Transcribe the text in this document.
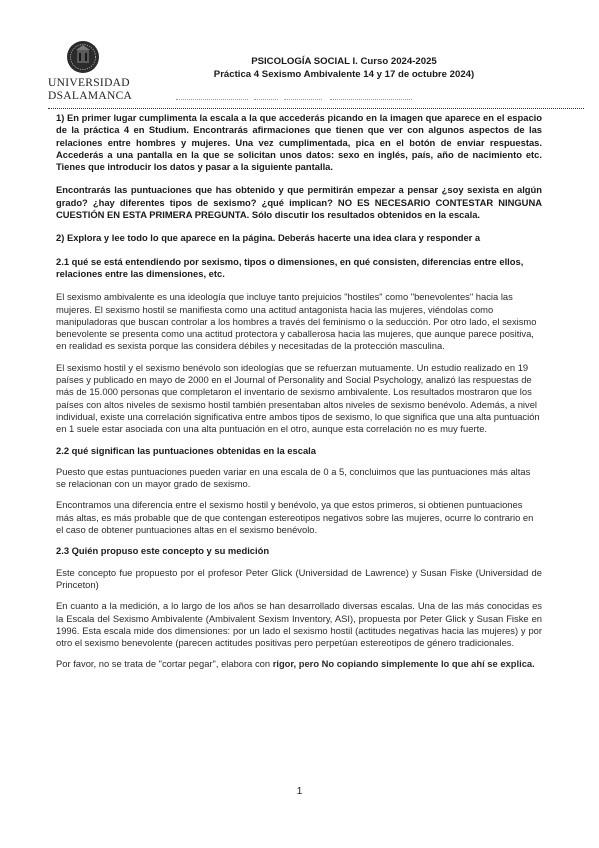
UNIVERSIDAD
DSALAMANCA
PSICOLOGÍA SOCIAL I. Curso 2024-2025
Práctica 4 Sexismo Ambivalente 14 y 17 de octubre 2024)

1) En primer lugar cumplimenta la escala a la que accederás picando en la imagen que aparece en el espacio de la práctica 4 en Studium. Encontrarás afirmaciones que tienen que ver con algunos aspectos de las relaciones entre hombres y mujeres. Una vez cumplimentada, pica en el botón de enviar respuestas. Accederás a una pantalla en la que se solicitan unos datos: sexo en inglés, país, año de nacimiento etc. Tienes que introducir los datos y pasar a la siguiente pantalla.

Encontrarás las puntuaciones que has obtenido y que permitirán empezar a pensar ¿soy sexista en algún grado? ¿hay diferentes tipos de sexismo? ¿qué implican? NO ES NECESARIO CONTESTAR NINGUNA CUESTIÓN EN ESTA PRIMERA PREGUNTA. Sólo discutir los resultados obtenidos en la escala.

2) Explora y lee todo lo que aparece en la página. Deberás hacerte una idea clara y responder a

2.1 qué se está entendiendo por sexismo, tipos o dimensiones, en qué consisten, diferencias entre ellos, relaciones entre las dimensiones, etc.

El sexismo ambivalente es una ideología que incluye tanto prejuicios "hostiles" como "benevolentes" hacia las mujeres. El sexismo hostil se manifiesta como una actitud antagonista hacia las mujeres, viéndolas como manipuladoras que buscan controlar a los hombres a través del feminismo o la seducción. Por otro lado, el sexismo benevolente se presenta como una actitud protectora y caballerosa hacia las mujeres, que aunque parece positiva, en realidad es sexista porque las considera débiles y necesitadas de la protección masculina.

El sexismo hostil y el sexismo benévolo son ideologías que se refuerzan mutuamente. Un estudio realizado en 19 países y publicado en mayo de 2000 en el Journal of Personality and Social Psychology, analizó las respuestas de más de 15.000 personas que completaron el inventario de sexismo ambivalente. Los resultados mostraron que los países con altos niveles de sexismo hostil también presentaban altos niveles de sexismo benévolo. Además, a nivel individual, existe una correlación significativa entre ambos tipos de sexismo, lo que significa que una alta puntuación en 1 suele estar asociada con una alta puntuación en el otro, aunque esta correlación no es muy fuerte.

2.2 qué significan las puntuaciones obtenidas en la escala

Puesto que estas puntuaciones pueden variar en una escala de 0 a 5, concluimos que las puntuaciones más altas se relacionan con un mayor grado de sexismo.

Encontramos una diferencia entre el sexismo hostil y benévolo, ya que estos primeros, si obtienen puntuaciones más altas, es más probable que de que contengan estereotipos negativos sobre las mujeres, ocurre lo contrario en el caso de obtener puntuaciones altas en el sexismo benévolo.

2.3 Quién propuso este concepto y su medición

Este concepto fue propuesto por el profesor Peter Glick (Universidad de Lawrence) y Susan Fiske (Universidad de Princeton)

En cuanto a la medición, a lo largo de los años se han desarrollado diversas escalas. Una de las más conocidas es la Escala del Sexismo Ambivalente (Ambivalent Sexism Inventory, ASI), propuesta por Peter Glick y Susan Fiske en 1996. Esta escala mide dos dimensiones: por un lado el sexismo hostil (actitudes negativas hacia las mujeres) y por otro el sexismo benevolente (parecen actitudes positivas pero perpetúan estereotipos de género tradicionales.

Por favor, no se trata de "cortar pegar", elabora con rigor, pero No copiando simplemente lo que ahí se explica.

1
